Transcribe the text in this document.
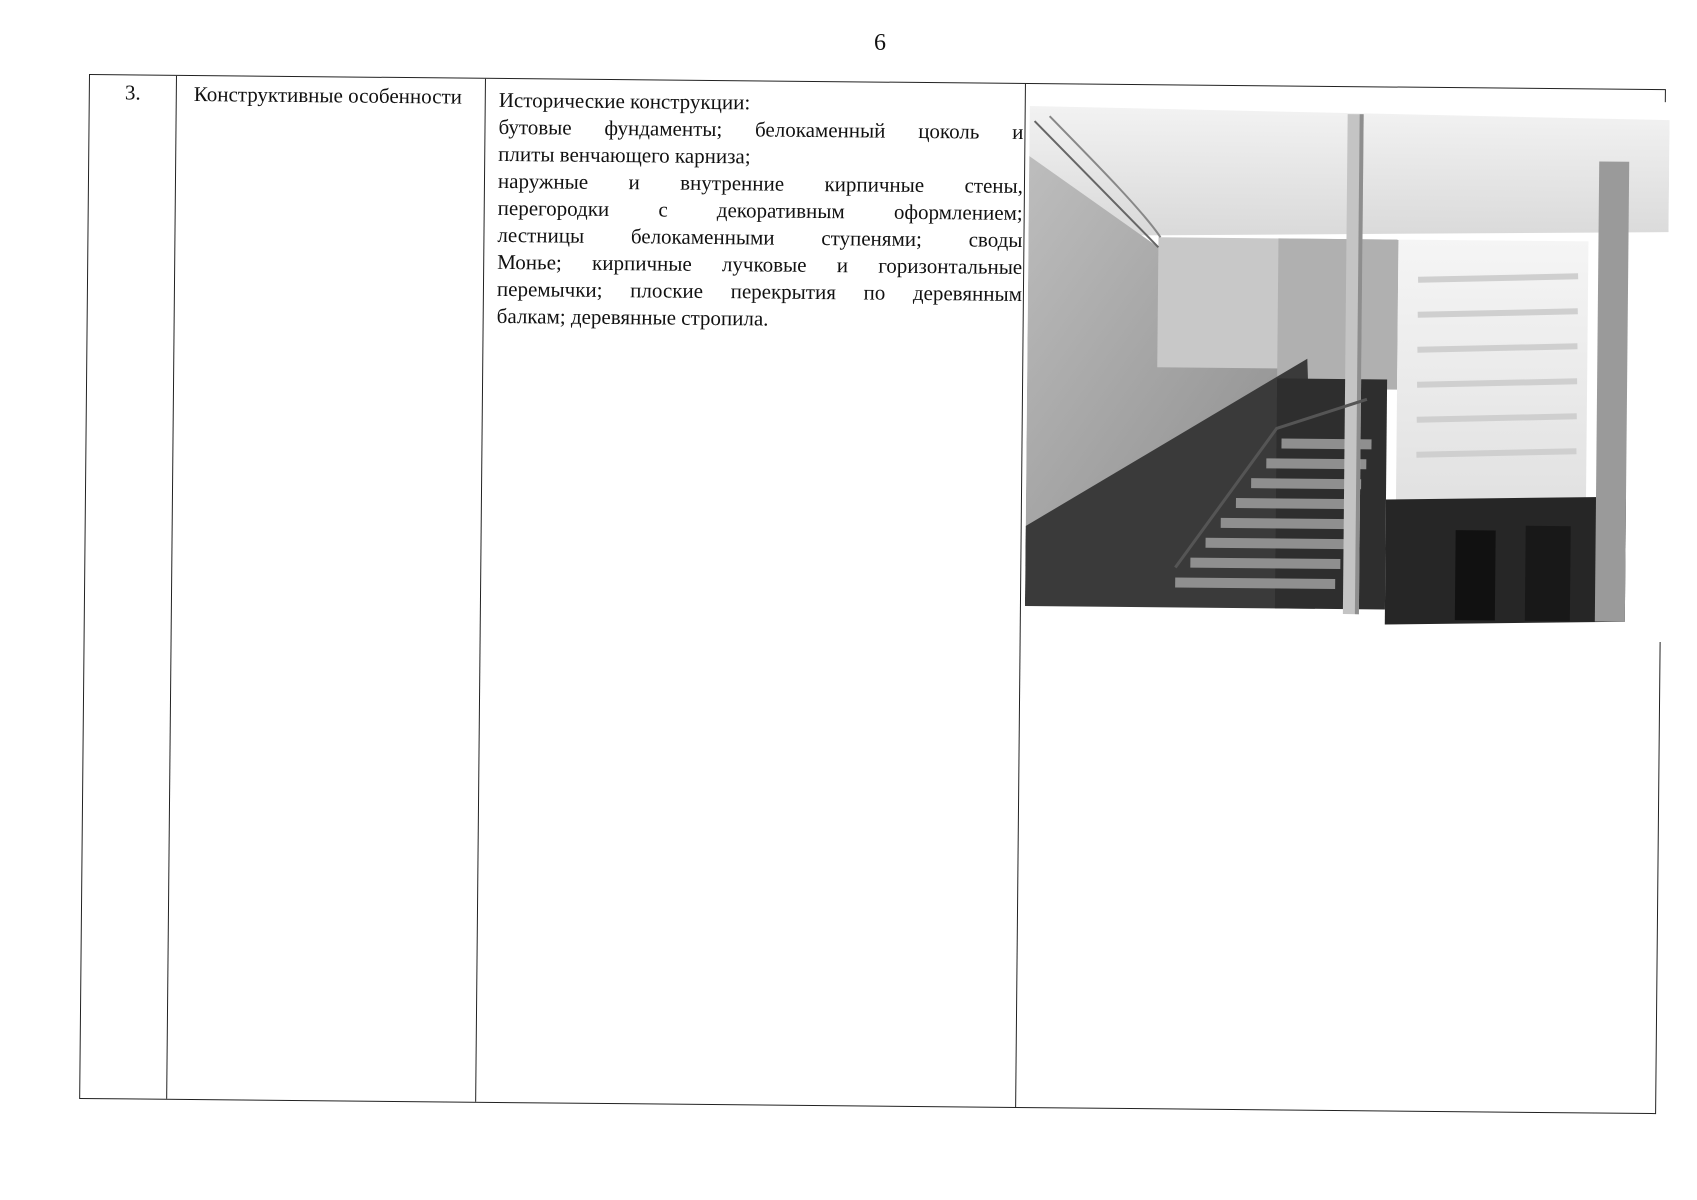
6
3.	Конструктивные особенности	Исторические конструкции:
бутовые фундаменты; белокаменный цоколь и
плиты венчающего карниза;
наружные и внутренние кирпичные стены,
перегородки с декоративным оформлением;
лестницы белокаменными ступенями; своды
Монье; кирпичные лучковые и горизонтальные
перемычки; плоские перекрытия по деревянным
балкам; деревянные стропила.
